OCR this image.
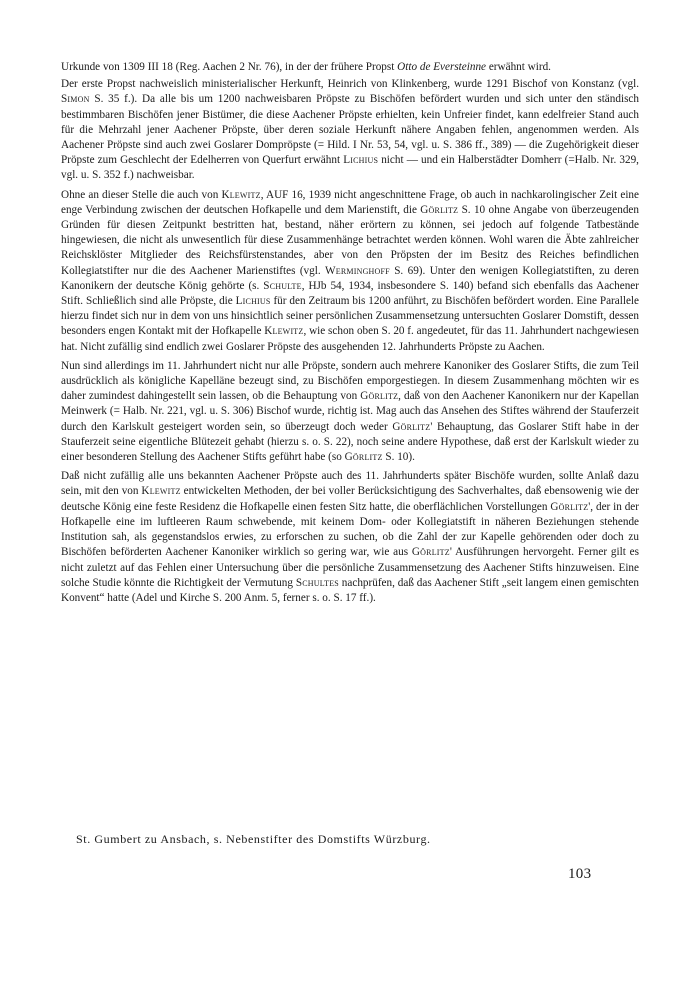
Urkunde von 1309 III 18 (Reg. Aachen 2 Nr. 76), in der der frühere Propst Otto de Eversteinne erwähnt wird.

Der erste Propst nachweislich ministerialischer Herkunft, Heinrich von Klinkenberg, wurde 1291 Bischof von Konstanz (vgl. Simon S. 35 f.). Da alle bis um 1200 nachweisbaren Pröpste zu Bischöfen befördert wurden und sich unter den ständisch bestimmbaren Bischöfen jener Bistümer, die diese Aachener Pröpste erhielten, kein Unfreier findet, kann edelfreier Stand auch für die Mehrzahl jener Aachener Pröpste, über deren soziale Herkunft nähere Angaben fehlen, angenommen werden. Als Aachener Pröpste sind auch zwei Goslarer Dompröpste (= Hild. I Nr. 53, 54, vgl. u. S. 386 ff., 389) — die Zugehörigkeit dieser Pröpste zum Geschlecht der Edelherren von Querfurt erwähnt Lichius nicht — und ein Halberstädter Domherr (=Halb. Nr. 329, vgl. u. S. 352 f.) nachweisbar.

Ohne an dieser Stelle die auch von Klewitz, AUF 16, 1939 nicht angeschnittene Frage, ob auch in nachkarolingischer Zeit eine enge Verbindung zwischen der deutschen Hofkapelle und dem Marienstift, die Görlitz S. 10 ohne Angabe von überzeugenden Gründen für diesen Zeitpunkt bestritten hat, bestand, näher erörtern zu können, sei jedoch auf folgende Tatbestände hingewiesen, die nicht als unwesentlich für diese Zusammenhänge betrachtet werden können. Wohl waren die Äbte zahlreicher Reichsklöster Mitglieder des Reichsfürstenstandes, aber von den Pröpsten der im Besitz des Reiches befindlichen Kollegiatstifter nur die des Aachener Marienstiftes (vgl. Wermingноff S. 69). Unter den wenigen Kollegiatstiften, zu deren Kanonikern der deutsche König gehörte (s. Schulte, HJb 54, 1934, insbesondere S. 140) befand sich ebenfalls das Aachener Stift. Schließlich sind alle Pröpste, die Lichius für den Zeitraum bis 1200 anführt, zu Bischöfen befördert worden. Eine Parallele hierzu findet sich nur in dem von uns hinsichtlich seiner persönlichen Zusammensetzung untersuchten Goslarer Domstift, dessen besonders engen Kontakt mit der Hofkapelle Klewitz, wie schon oben S. 20 f. angedeutet, für das 11. Jahrhundert nachgewiesen hat. Nicht zufällig sind endlich zwei Goslarer Pröpste des ausgehenden 12. Jahrhunderts Pröpste zu Aachen.

Nun sind allerdings im 11. Jahrhundert nicht nur alle Pröpste, sondern auch mehrere Kanoniker des Goslarer Stifts, die zum Teil ausdrücklich als königliche Kapelläne bezeugt sind, zu Bischöfen emporgestiegen. In diesem Zusammenhang möchten wir es daher zumindest dahingestellt sein lassen, ob die Behauptung von Görlitz, daß von den Aachener Kanonikern nur der Kapellan Meinwerk (= Halb. Nr. 221, vgl. u. S. 306) Bischof wurde, richtig ist. Mag auch das Ansehen des Stiftes während der Stauferzeit durch den Karlskult gesteigert worden sein, so überzeugt doch weder Görlitz' Behauptung, das Goslarer Stift habe in der Stauferzeit seine eigentliche Blütezeit gehabt (hierzu s. o. S. 22), noch seine andere Hypothese, daß erst der Karlskult wieder zu einer besonderen Stellung des Aachener Stifts geführt habe (so Görlitz S. 10).

Daß nicht zufällig alle uns bekannten Aachener Pröpste auch des 11. Jahrhunderts später Bischöfe wurden, sollte Anlaß dazu sein, mit den von Klewitz entwickelten Methoden, der bei voller Berücksichtigung des Sachverhaltes, daß ebensowenig wie der deutsche König eine feste Residenz die Hofkapelle einen festen Sitz hatte, die oberflächlichen Vorstellungen Görlitz', der in der Hofkapelle eine im luftleeren Raum schwebende, mit keinem Dom- oder Kollegiatstift in näheren Beziehungen stehende Institution sah, als gegenstandslos erwies, zu erforschen zu suchen, ob die Zahl der zur Kapelle gehörenden oder doch zu Bischöfen beförderten Aachener Kanoniker wirklich so gering war, wie aus Görlitz' Ausführungen hervorgeht. Ferner gilt es nicht zuletzt auf das Fehlen einer Untersuchung über die persönliche Zusammensetzung des Aachener Stifts hinzuweisen. Eine solche Studie könnte die Richtigkeit der Vermutung Schultes nachprüfen, daß das Aachener Stift „seit langem einen gemischten Konvent“ hatte (Adel und Kirche S. 200 Anm. 5, ferner s. o. S. 17 ff.).

St. Gumbert zu Ansbach, s. Nebenstifter des Domstifts Würzburg.
103
